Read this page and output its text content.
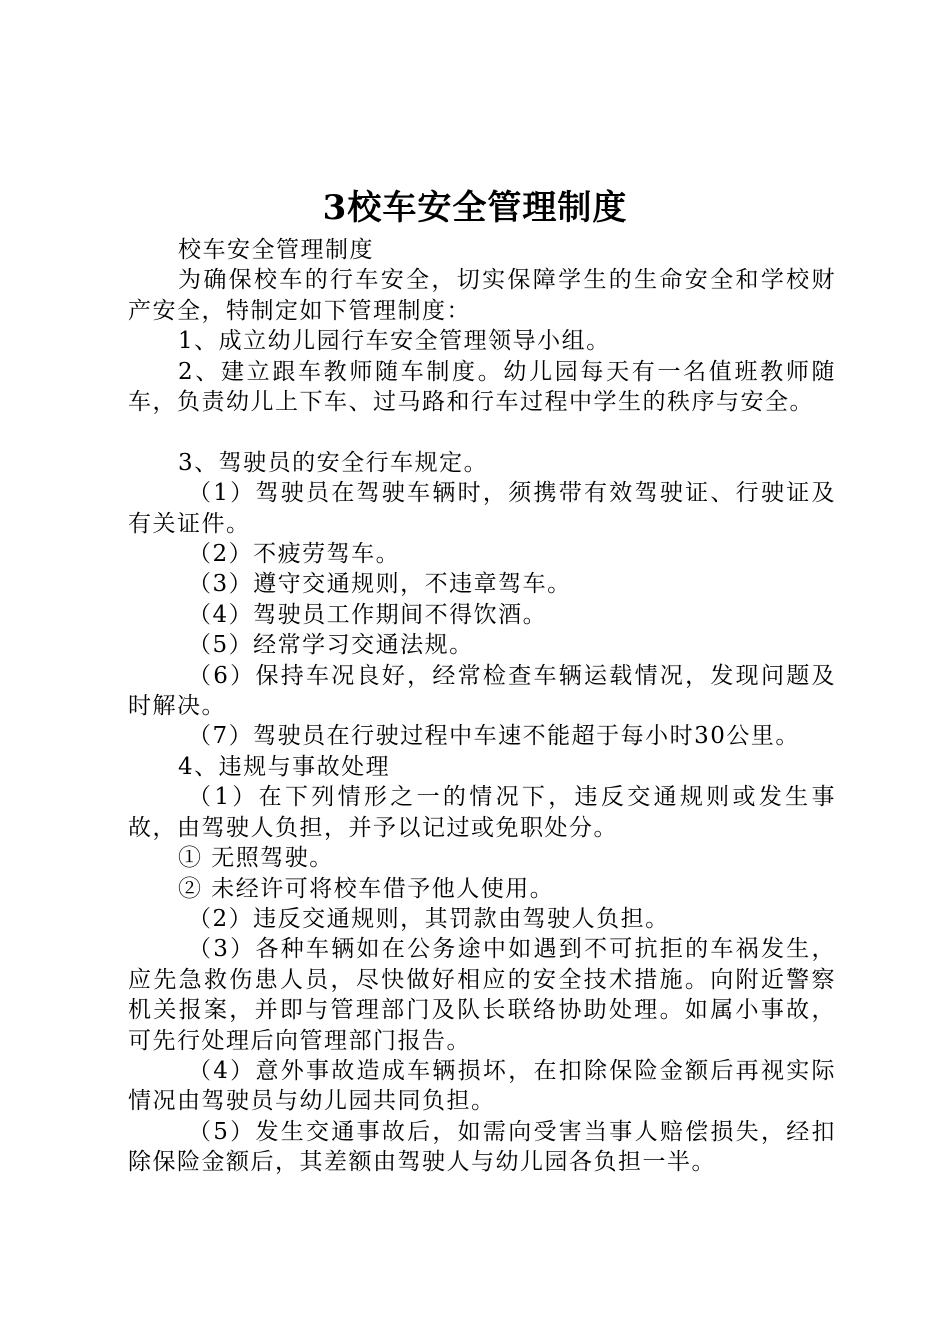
3校车安全管理制度

校车安全管理制度

为确保校车的行车安全，切实保障学生的生命安全和学校财产安全，特制定如下管理制度：

1、成立幼儿园行车安全管理领导小组。

2、建立跟车教师随车制度。幼儿园每天有一名值班教师随车，负责幼儿上下车、过马路和行车过程中学生的秩序与安全。

3、驾驶员的安全行车规定。

（1）驾驶员在驾驶车辆时，须携带有效驾驶证、行驶证及有关证件。

（2）不疲劳驾车。

（3）遵守交通规则，不违章驾车。

（4）驾驶员工作期间不得饮酒。

（5）经常学习交通法规。

（6）保持车况良好，经常检查车辆运载情况，发现问题及时解决。

（7）驾驶员在行驶过程中车速不能超于每小时30公里。

4、违规与事故处理

（1）在下列情形之一的情况下，违反交通规则或发生事故，由驾驶人负担，并予以记过或免职处分。

① 无照驾驶。

② 未经许可将校车借予他人使用。

（2）违反交通规则，其罚款由驾驶人负担。

（3）各种车辆如在公务途中如遇到不可抗拒的车祸发生，应先急救伤患人员，尽快做好相应的安全技术措施。向附近警察机关报案，并即与管理部门及队长联络协助处理。如属小事故，可先行处理后向管理部门报告。

（4）意外事故造成车辆损坏，在扣除保险金额后再视实际情况由驾驶员与幼儿园共同负担。

（5）发生交通事故后，如需向受害当事人赔偿损失，经扣除保险金额后，其差额由驾驶人与幼儿园各负担一半。
